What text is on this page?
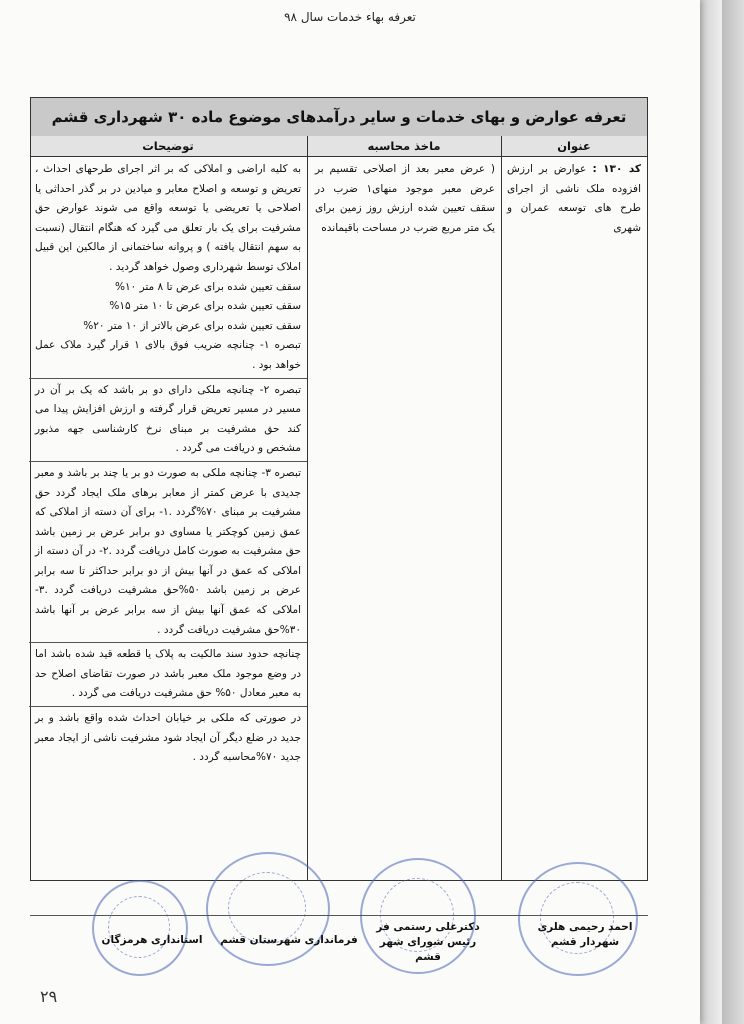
تعرفه بهاء خدمات سال ۹۸
تعرفه عوارض و بهای خدمات و سایر درآمدهای موضوع ماده ۳۰ شهرداری قشم
عنوان
ماخذ محاسبه
توضیحات
کد ۱۳۰ : عوارض بر ارزش افزوده ملک ناشی از اجرای طرح های توسعه عمران و شهری
( عرض معبر بعد از اصلاحی تقسیم بر عرض معبر موجود منهای۱ ضرب در سقف تعیین شده ارزش روز زمین برای یک متر مربع ضرب در مساحت باقیمانده

به کلیه اراضی و املاکی که بر اثر اجرای طرحهای احداث ، تعریض و توسعه و اصلاح معابر و میادین در بر گذر احداثی یا اصلاحی یا تعریضی یا توسعه واقع می شوند عوارض حق مشرفیت برای یک بار تعلق می گیرد که هنگام انتقال (نسبت به سهم انتقال یافته ) و پروانه ساختمانی از مالکین این قبیل املاک توسط شهرداری وصول خواهد گردید .

سقف تعیین شده برای عرض تا ۸ متر ۱۰%

سقف تعیین شده برای عرض تا ۱۰ متر ۱۵%

سقف تعیین شده برای عرض بالاتر از ۱۰ متر ۲۰%

تبصره ۱- چنانچه ضریب فوق بالای ۱ قرار گیرد ملاک عمل خواهد بود .

تبصره ۲- چنانچه ملکی دارای دو بر باشد که یک بر آن در مسیر در مسیر تعریض قرار گرفته و ارزش افزایش پیدا می کند حق مشرفیت بر مبنای نرخ کارشناسی جهه مذبور مشخص و دریافت می گردد .

تبصره ۳- چنانچه ملکی به صورت دو بر یا چند بر باشد و معبر جدیدی با عرض کمتر از معابر برهای ملک ایجاد گردد حق مشرفیت بر مبنای ۷۰%گردد .۱- برای آن دسته از املاکی که عمق زمین کوچکتر یا مساوی دو برابر عرض بر زمین باشد حق مشرفیت به صورت کامل دریافت گردد .۲- در آن دسته از املاکی که عمق در آنها بیش از دو برابر حداکثر تا سه برابر عرض بر زمین باشد ۵۰%حق مشرفیت دریافت گردد .۳- املاکی که عمق آنها بیش از سه برابر عرض بر آنها باشد ۳۰%حق مشرفیت دریافت گردد .

چنانچه حدود سند مالکیت به پلاک یا قطعه قید شده باشد اما در وضع موجود ملک معبر باشد در صورت تقاضای اصلاح حد به معبر معادل ۵۰% حق مشرفیت دریافت می گردد .

در صورتی که ملکی بر خیابان احداث شده واقع باشد و بر جدید در ضلع دیگر آن ایجاد شود مشرفیت ناشی از ایجاد معبر جدید ۷۰%محاسبه گردد .

احمد رحیمی هلری
شهردار قشم
دکترعلی رستمی فر
رئیس شورای شهر قشم
فرمانداری شهرستان قشم
استانداری هرمزگان
۲۹
